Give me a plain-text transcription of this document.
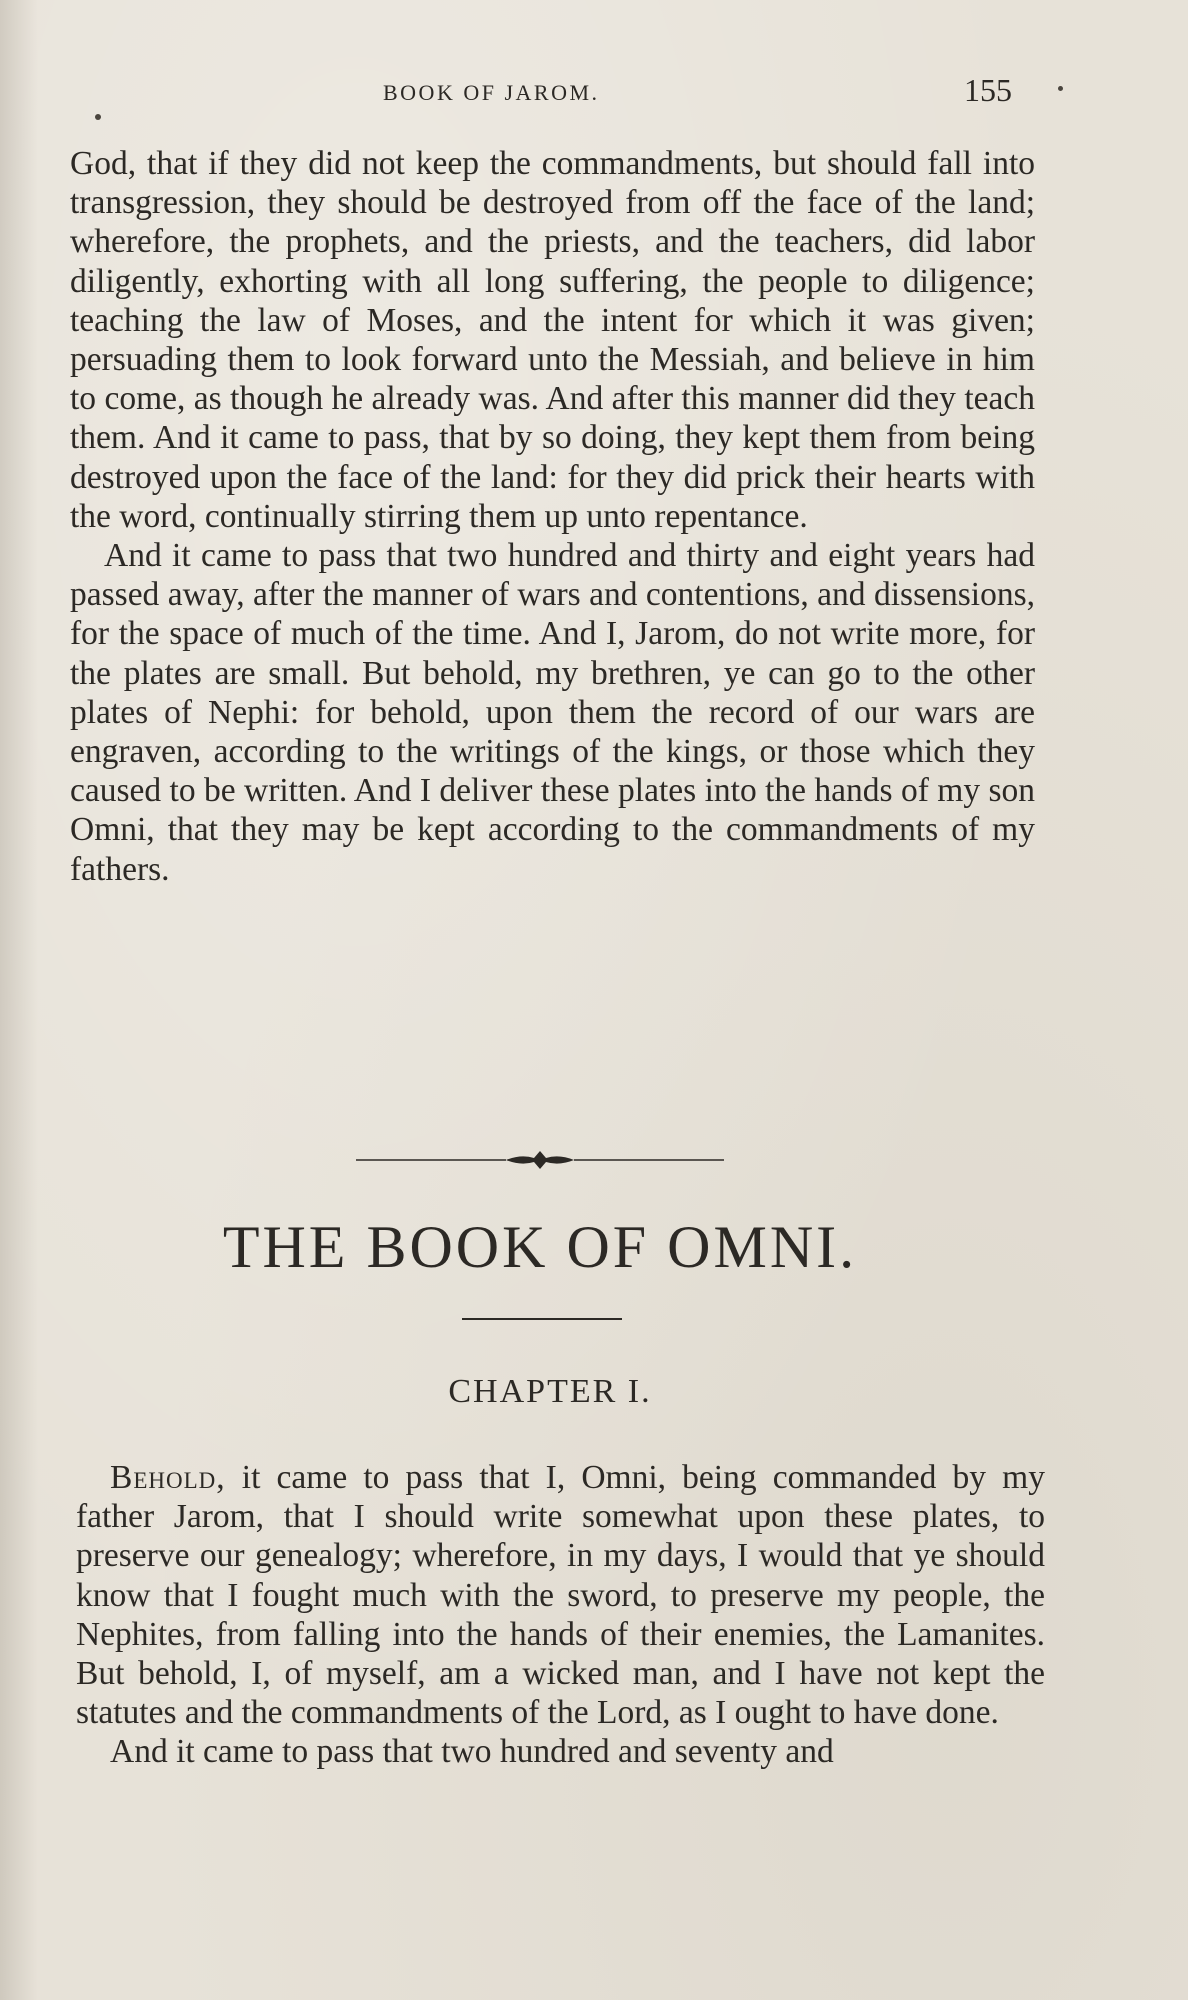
BOOK OF JAROM.	155

God, that if they did not keep the commandments, but should fall into transgression, they should be destroyed from off the face of the land; wherefore, the prophets, and the priests, and the teachers, did labor diligently, exhorting with all long suffering, the people to diligence; teaching the law of Moses, and the intent for which it was given; persuading them to look forward unto the Messiah, and believe in him to come, as though he already was. And after this manner did they teach them. And it came to pass, that by so doing, they kept them from being destroyed upon the face of the land: for they did prick their hearts with the word, continually stirring them up unto repentance.

And it came to pass that two hundred and thirty and eight years had passed away, after the manner of wars and contentions, and dissensions, for the space of much of the time. And I, Jarom, do not write more, for the plates are small. But behold, my brethren, ye can go to the other plates of Nephi: for behold, upon them the record of our wars are engraven, according to the writings of the kings, or those which they caused to be written. And I deliver these plates into the hands of my son Omni, that they may be kept according to the commandments of my fathers.

THE BOOK OF OMNI.
CHAPTER I.

Behold, it came to pass that I, Omni, being commanded by my father Jarom, that I should write somewhat upon these plates, to preserve our genealogy; wherefore, in my days, I would that ye should know that I fought much with the sword, to preserve my people, the Nephites, from falling into the hands of their enemies, the Lamanites. But behold, I, of myself, am a wicked man, and I have not kept the statutes and the commandments of the Lord, as I ought to have done.

And it came to pass that two hundred and seventy and
